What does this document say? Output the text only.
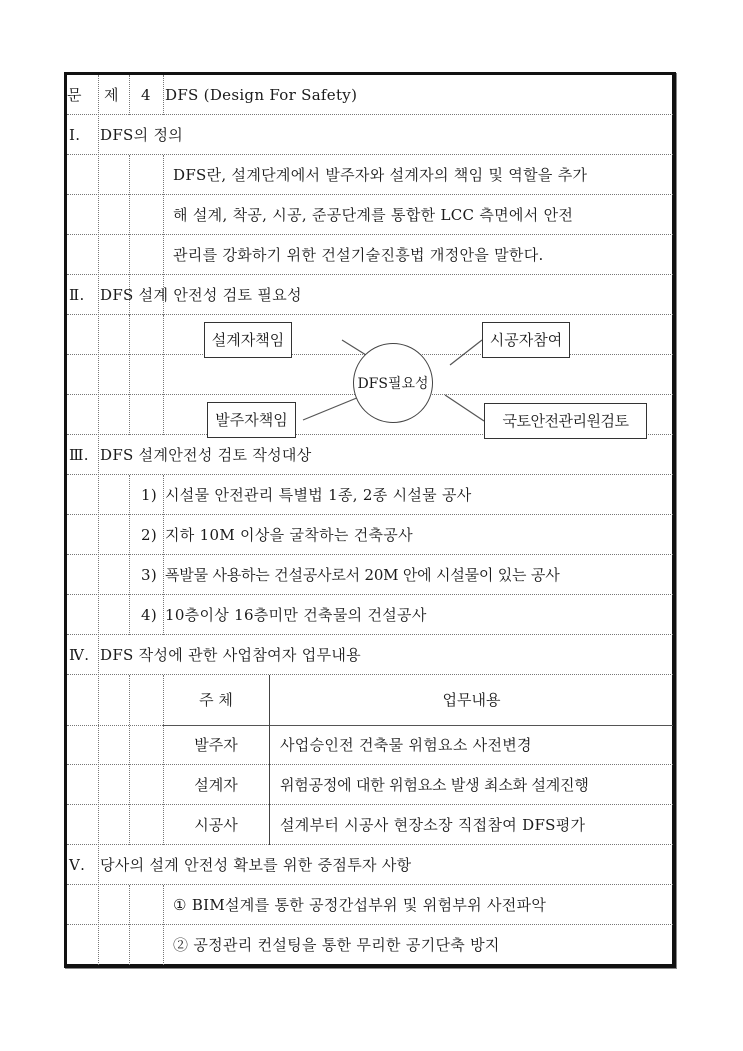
문 제 4 DFS (Design For Safety)
Ⅰ. DFS의 정의
DFS란, 설계단계에서 발주자와 설계자의 책임 및 역할을 추가
해 설계, 착공, 시공, 준공단계를 통합한 LCC 측면에서 안전
관리를 강화하기 위한 건설기술진흥법 개정안을 말한다.
Ⅱ. DFS 설계 안전성 검토 필요성
DFS필요성
설계자책임	시공자참여
발주자책임	국토안전관리원검토
Ⅲ. DFS 설계안전성 검토 작성대상
1) 시설물 안전관리 특별법 1종, 2종 시설물 공사
2) 지하 10M 이상을 굴착하는 건축공사
3) 폭발물 사용하는 건설공사로서 20M 안에 시설물이 있는 공사
4) 10층이상 16층미만 건축물의 건설공사
Ⅳ. DFS 작성에 관한 사업참여자 업무내용
주 체	업무내용
발주자	사업승인전 건축물 위험요소 사전변경
설계자	위험공정에 대한 위험요소 발생 최소화 설계진행
시공사	설계부터 시공사 현장소장 직접참여 DFS평가
Ⅴ. 당사의 설계 안전성 확보를 위한 중점투자 사항
① BIM설계를 통한 공정간섭부위 및 위험부위 사전파악
② 공정관리 컨설팅을 통한 무리한 공기단축 방지
